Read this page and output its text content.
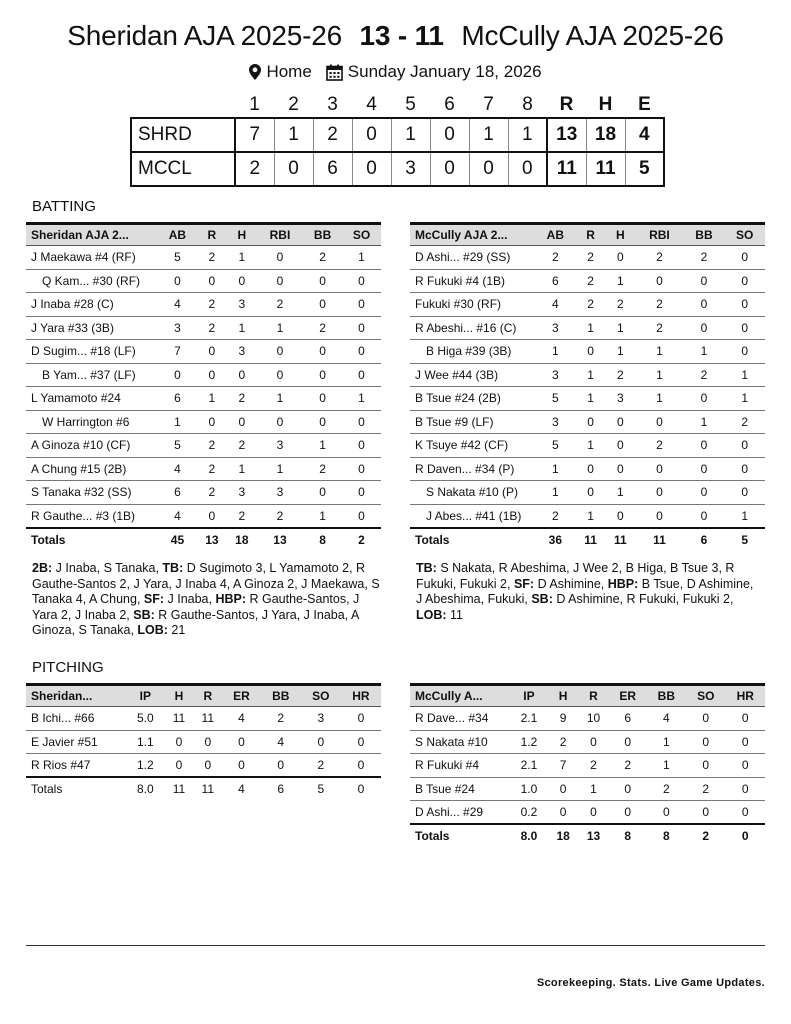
Sheridan AJA 2025-26 13 - 11 McCully AJA 2025-26
Home Sunday January 18, 2026
	1	2	3	4	5	6	7	8	R	H	E
SHRD	7	1	2	0	1	0	1	1	13	18	4
MCCL	2	0	6	0	3	0	0	0	11	11	5
BATTING
Sheridan AJA 2...	AB	R	H	RBI	BB	SO
J Maekawa #4 (RF)	5	2	1	0	2	1
Q Kam... #30 (RF)	0	0	0	0	0	0
J Inaba #28 (C)	4	2	3	2	0	0
J Yara #33 (3B)	3	2	1	1	2	0
D Sugim... #18 (LF)	7	0	3	0	0	0
B Yam... #37 (LF)	0	0	0	0	0	0
L Yamamoto #24	6	1	2	1	0	1
W Harrington #6	1	0	0	0	0	0
A Ginoza #10 (CF)	5	2	2	3	1	0
A Chung #15 (2B)	4	2	1	1	2	0
S Tanaka #32 (SS)	6	2	3	3	0	0
R Gauthe... #3 (1B)	4	0	2	2	1	0
Totals	45	13	18	13	8	2
McCully AJA 2...	AB	R	H	RBI	BB	SO
D Ashi... #29 (SS)	2	2	0	2	2	0
R Fukuki #4 (1B)	6	2	1	0	0	0
Fukuki #30 (RF)	4	2	2	2	0	0
R Abeshi... #16 (C)	3	1	1	2	0	0
B Higa #39 (3B)	1	0	1	1	1	0
J Wee #44 (3B)	3	1	2	1	2	1
B Tsue #24 (2B)	5	1	3	1	0	1
B Tsue #9 (LF)	3	0	0	0	1	2
K Tsuye #42 (CF)	5	1	0	2	0	0
R Daven... #34 (P)	1	0	0	0	0	0
S Nakata #10 (P)	1	0	1	0	0	0
J Abes... #41 (1B)	2	1	0	0	0	1
Totals	36	11	11	11	6	5
2B: J Inaba, S Tanaka, TB: D Sugimoto 3, L Yamamoto 2, R Gauthe-Santos 2, J Yara, J Inaba 4, A Ginoza 2, J Maekawa, S Tanaka 4, A Chung, SF: J Inaba, HBP: R Gauthe-Santos, J Yara 2, J Inaba 2, SB: R Gauthe-Santos, J Yara, J Inaba, A Ginoza, S Tanaka, LOB: 21
TB: S Nakata, R Abeshima, J Wee 2, B Higa, B Tsue 3, R Fukuki, Fukuki 2, SF: D Ashimine, HBP: B Tsue, D Ashimine, J Abeshima, Fukuki, SB: D Ashimine, R Fukuki, Fukuki 2, LOB: 11
PITCHING
Sheridan...	IP	H	R	ER	BB	SO	HR
B Ichi... #66	5.0	11	11	4	2	3	0
E Javier #51	1.1	0	0	0	4	0	0
R Rios #47	1.2	0	0	0	0	2	0
Totals	8.0	11	11	4	6	5	0
McCully A...	IP	H	R	ER	BB	SO	HR
R Dave... #34	2.1	9	10	6	4	0	0
S Nakata #10	1.2	2	0	0	1	0	0
R Fukuki #4	2.1	7	2	2	1	0	0
B Tsue #24	1.0	0	1	0	2	2	0
D Ashi... #29	0.2	0	0	0	0	0	0
Totals	8.0	18	13	8	8	2	0
Scorekeeping. Stats. Live Game Updates.
